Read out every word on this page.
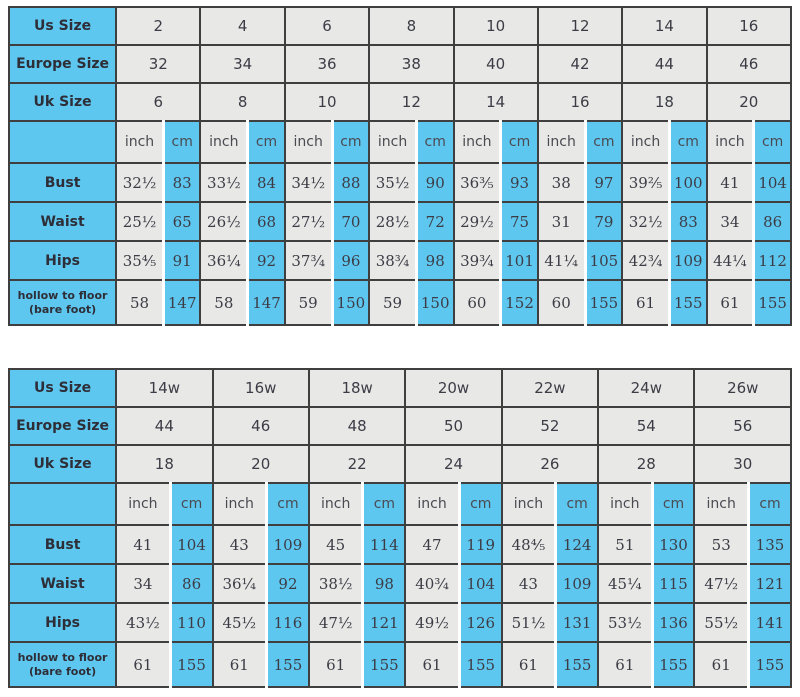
Us Size	2		4		6		8		10		12		14		16	
Europe Size	32		34		36		38		40		42		44		46	
Uk Size	6		8		10		12		14		16		18		20	
	inch	cm	inch	cm	inch	cm	inch	cm	inch	cm	inch	cm	inch	cm	inch	cm
Bust	32½	83	33½	84	34½	88	35½	90	36⅗	93	38	97	39⅖	100	41	104
Waist	25½	65	26½	68	27½	70	28½	72	29½	75	31	79	32½	83	34	86
Hips	35⅘	91	36¼	92	37¾	96	38¾	98	39¾	101	41¼	105	42¾	109	44¼	112

hollow to floor
(bare foot)	58	147	58	147	59	150	59	150	60	152	60	155	61	155	61	155
Us Size	14w		16w		18w		20w		22w		24w		26w	
Europe Size	44		46		48		50		52		54		56	
Uk Size	18		20		22		24		26		28		30	
	inch	cm	inch	cm	inch	cm	inch	cm	inch	cm	inch	cm	inch	cm
Bust	41	104	43	109	45	114	47	119	48⅘	124	51	130	53	135
Waist	34	86	36¼	92	38½	98	40¾	104	43	109	45¼	115	47½	121
Hips	43½	110	45½	116	47½	121	49½	126	51½	131	53½	136	55½	141

hollow to floor
(bare foot)	61	155	61	155	61	155	61	155	61	155	61	155	61	155
